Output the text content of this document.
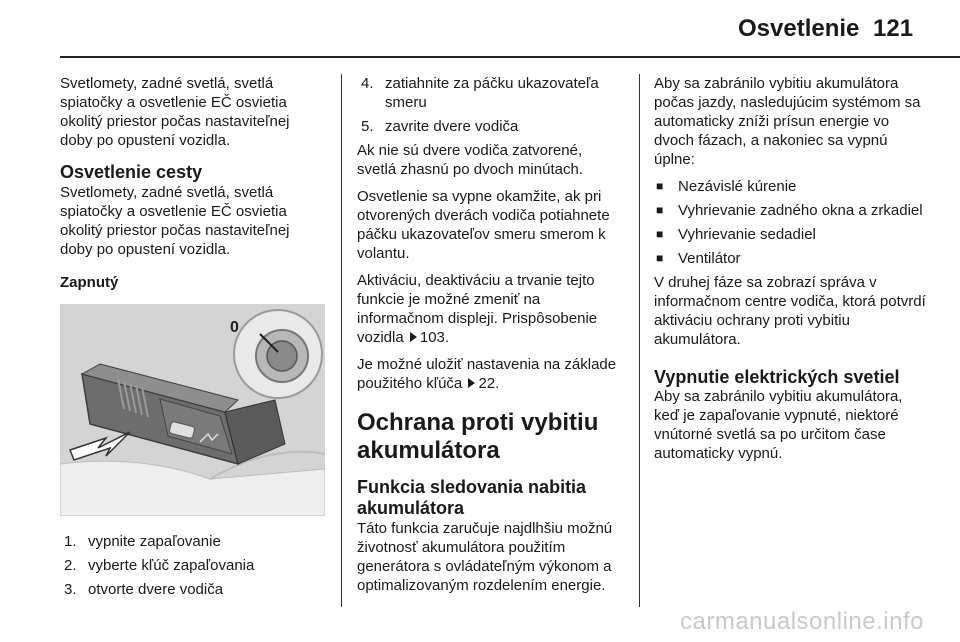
Osvetlenie 121

Svetlomety, zadné svetlá, svetlá spiatočky a osvetlenie EČ osvietia okolitý priestor počas nastaviteľnej doby po opustení vozidla.

Osvetlenie cesty

Svetlomety, zadné svetlá, svetlá spiatočky a osvetlenie EČ osvietia okolitý priestor počas nastaviteľnej doby po opustení vozidla.

Zapnutý
0
1. vypnite zapaľovanie
2. vyberte kľúč zapaľovania
3. otvorte dvere vodiča
4. zatiahnite za páčku ukazovateľa smeru
5. zavrite dvere vodiča

Ak nie sú dvere vodiča zatvorené, svetlá zhasnú po dvoch minútach.

Osvetlenie sa vypne okamžite, ak pri otvorených dverách vodiča potiahnete páčku ukazovateľov smeru smerom k volantu.

Aktiváciu, deaktiváciu a trvanie tejto funkcie je možné zmeniť na informačnom displeji. Prispôsobenie vozidla 103.

Je možné uložiť nastavenia na základe použitého kľúča 22.

Ochrana proti vybitiu akumulátora
Funkcia sledovania nabitia akumulátora

Táto funkcia zaručuje najdlhšiu možnú životnosť akumulátora použitím generátora s ovládateľným výkonom a optimalizovaným rozdelením energie.

Aby sa zabránilo vybitiu akumulátora počas jazdy, nasledujúcim systémom sa automaticky zníži prísun energie vo dvoch fázach, a nakoniec sa vypnú úplne:

■ Nezávislé kúrenie
■ Vyhrievanie zadného okna a zrkadiel
■ Vyhrievanie sedadiel
■ Ventilátor

V druhej fáze sa zobrazí správa v informačnom centre vodiča, ktorá potvrdí aktiváciu ochrany proti vybitiu akumulátora.

Vypnutie elektrických svetiel

Aby sa zabránilo vybitiu akumulátora, keď je zapaľovanie vypnuté, niektoré vnútorné svetlá sa po určitom čase automaticky vypnú.

carmanualsonline.info
